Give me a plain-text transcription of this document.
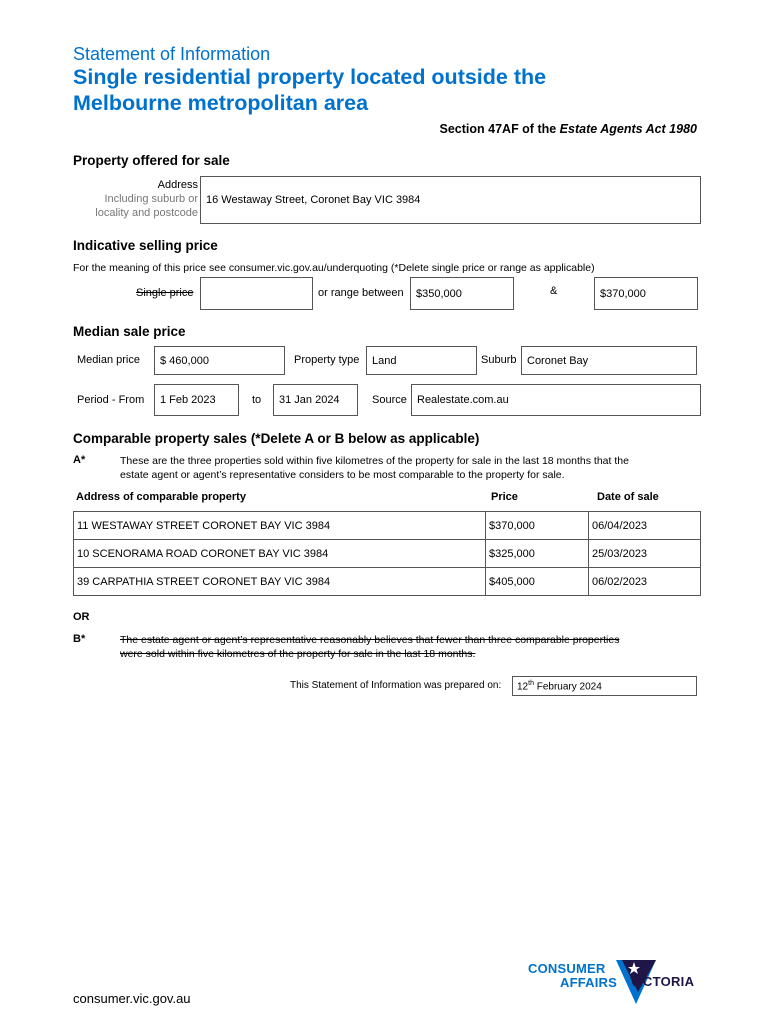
Statement of Information
Single residential property located outside the
Melbourne metropolitan area
Section 47AF of the Estate Agents Act 1980
Property offered for sale
Address
Including suburb or
locality and postcode
16 Westaway Street, Coronet Bay VIC 3984
Indicative selling price
For the meaning of this price see consumer.vic.gov.au/underquoting (*Delete single price or range as applicable)
Single price	or range between $350,000	&	$370,000
Median sale price
Median price $ 460,000	Property type Land	Suburb Coronet Bay
Period - From 1 Feb 2023	to 31 Jan 2024	Source Realestate.com.au
Comparable property sales (*Delete A or B below as applicable)
A*	These are the three properties sold within five kilometres of the property for sale in the last 18 months that the
estate agent or agent’s representative considers to be most comparable to the property for sale.
Address of comparable property	Price	Date of sale
11 WESTAWAY STREET CORONET BAY VIC 3984	$370,000	06/04/2023
10 SCENORAMA ROAD CORONET BAY VIC 3984	$325,000	25/03/2023
39 CARPATHIA STREET CORONET BAY VIC 3984	$405,000	06/02/2023
OR
B*	The estate agent or agent’s representative reasonably believes that fewer than three comparable properties
were sold within five kilometres of the property for sale in the last 18 months.
This Statement of Information was prepared on: 12th February 2024
consumer.vic.gov.au
CONSUMER
AFFAIRS VICTORIA
